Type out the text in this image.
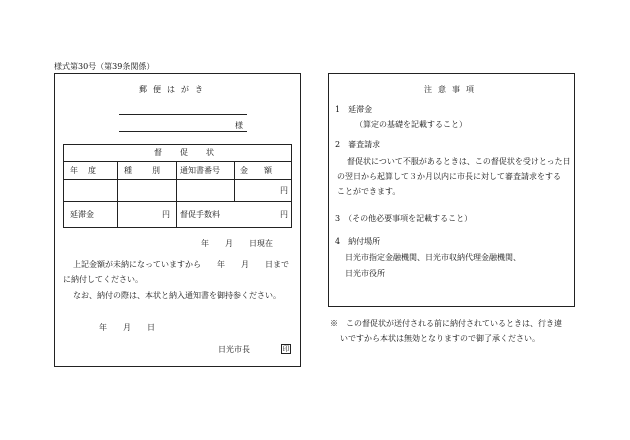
様式第30号（第39条関係）
郵便はがき
様
督促状
年度 種別 通知書番号	金額
円
延滞金	円 督促手数料	円
年　　月　　日現在
上記金額が未納になっていますから　　年　　月　　日まで
に納付してください。
なお、納付の際は、本状と納入通知書を御持参ください。
年　　月　　日
日光市長	印
注意事項
1　延滞金
（算定の基礎を記載すること）
2　審査請求
督促状について不服があるときは、この督促状を受けとった日
の翌日から起算して３か月以内に市長に対して審査請求をする
ことができます。
3　（その他必要事項を記載すること）
4　納付場所
日光市指定金融機関、日光市収納代理金融機関、
日光市役所
※　この督促状が送付される前に納付されているときは、行き違
いですから本状は無効となりますので御了承ください。
